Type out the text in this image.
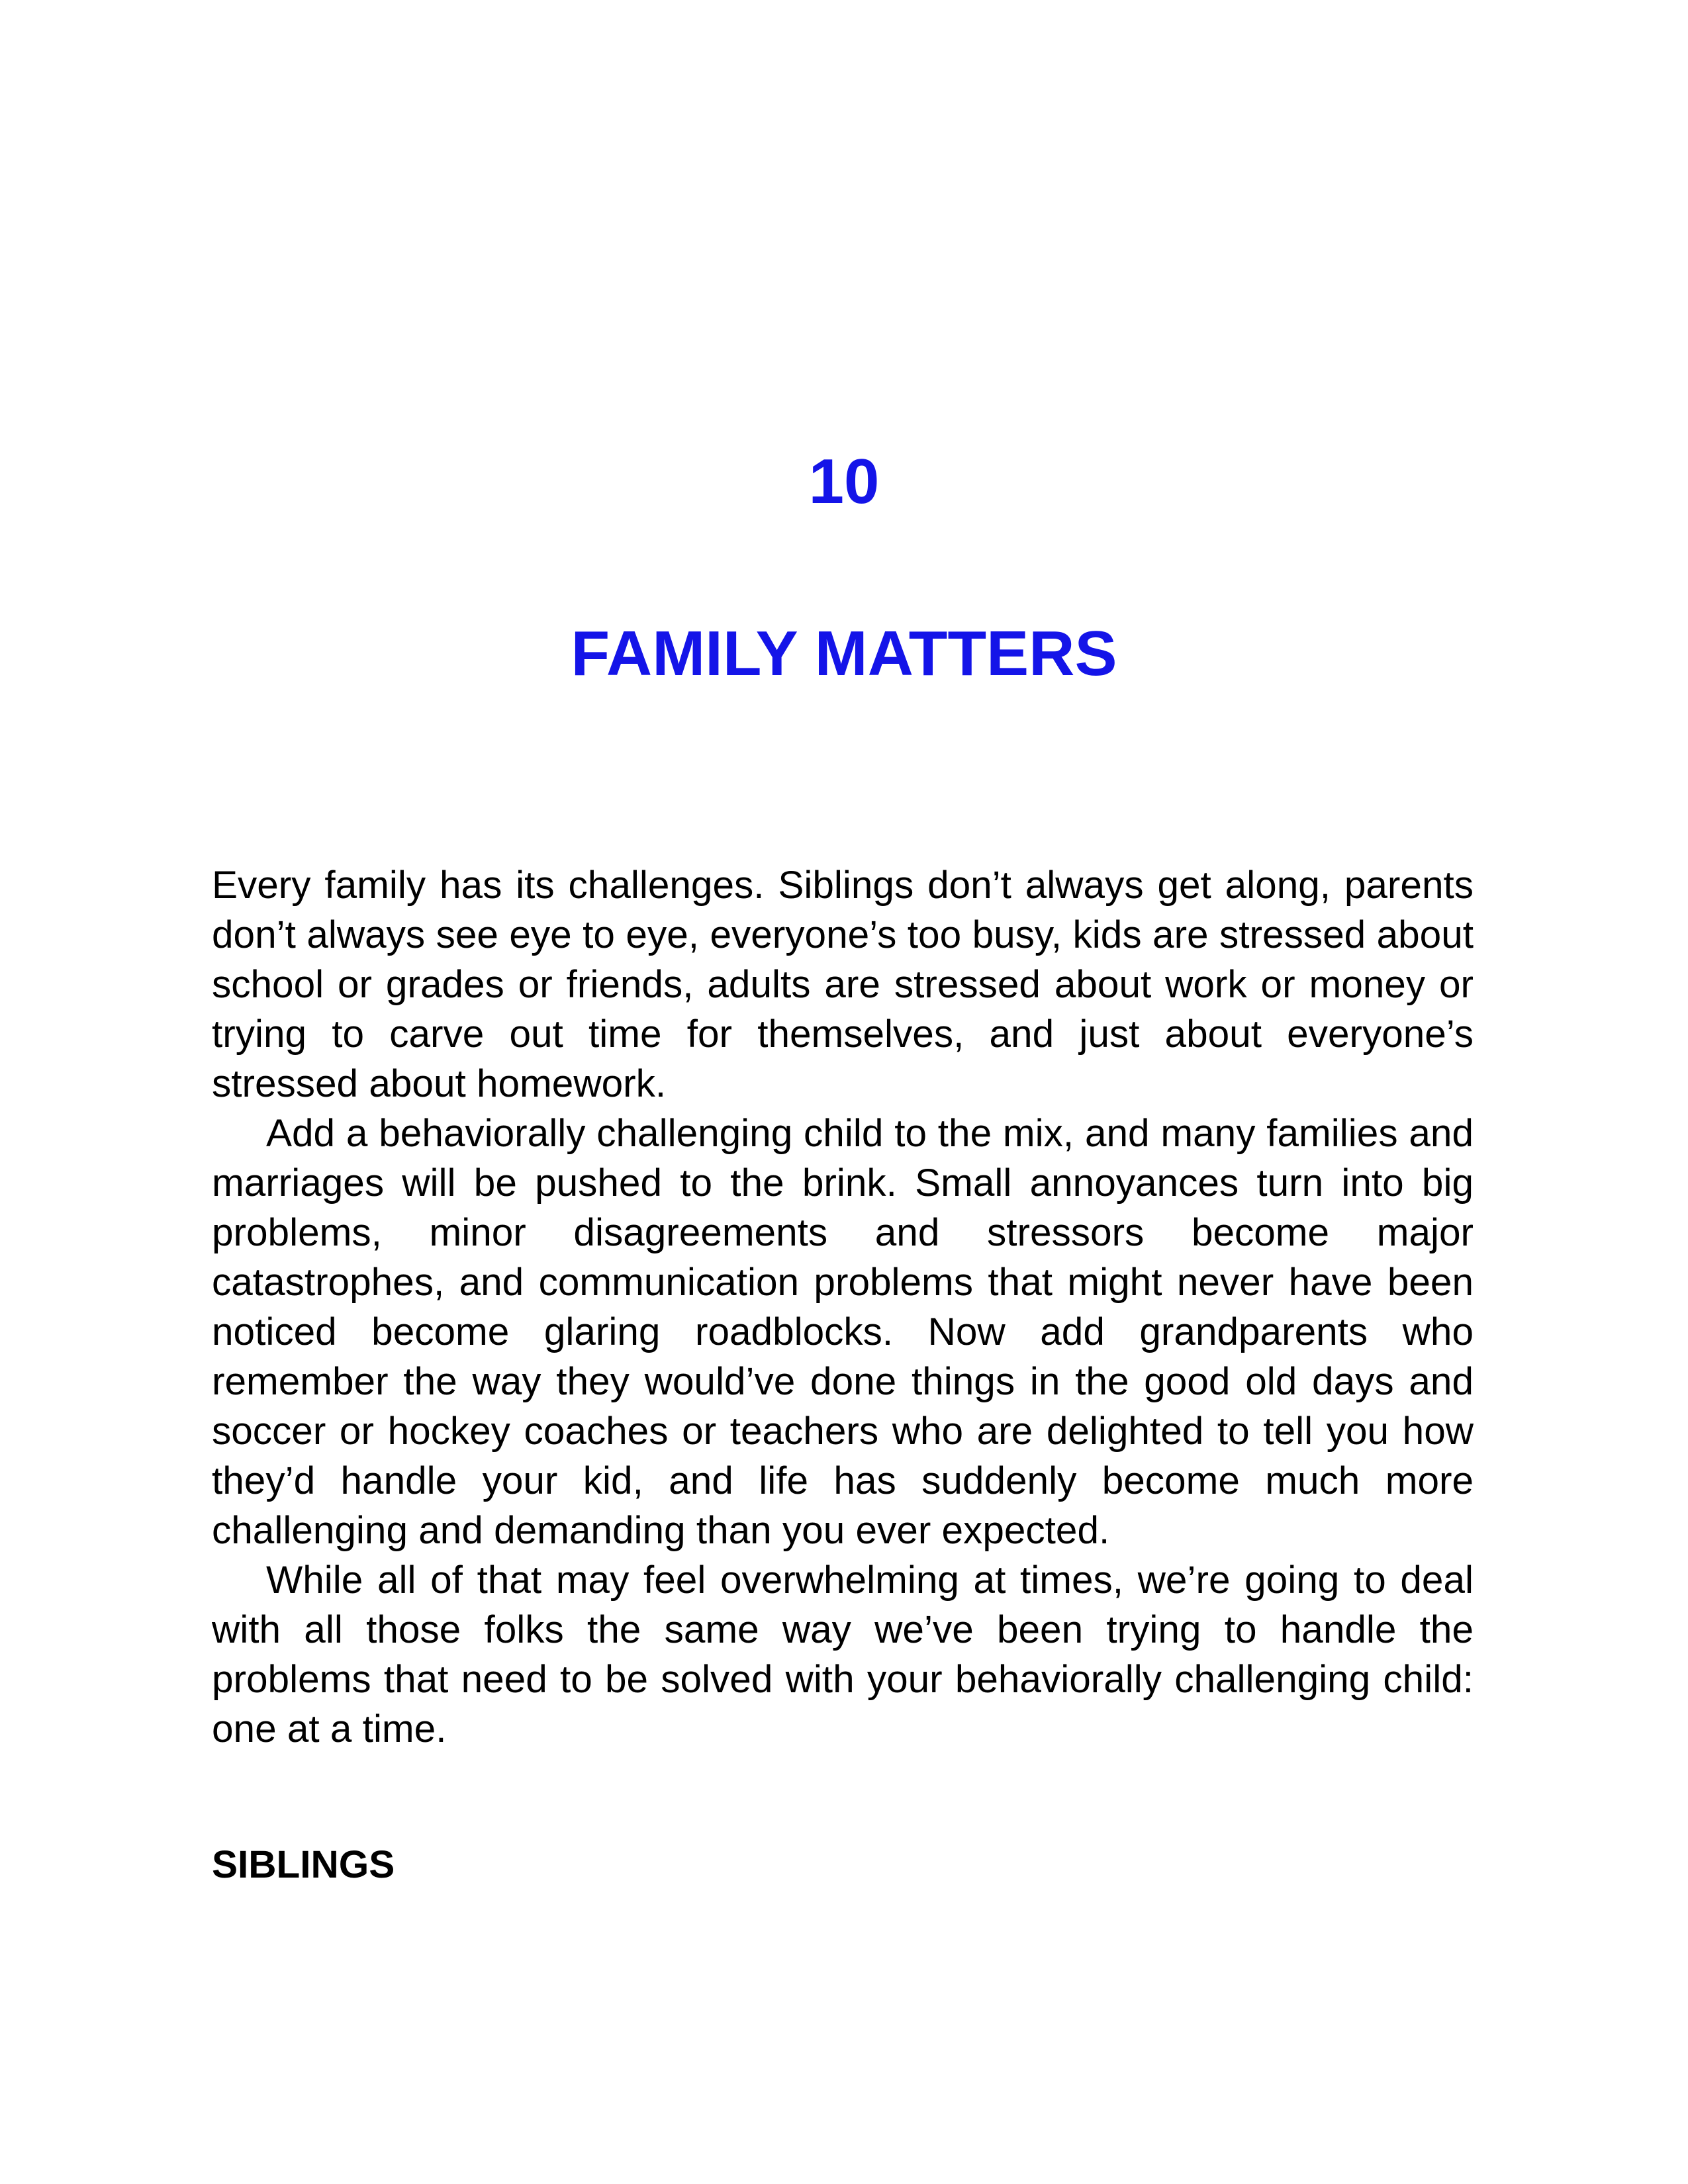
10
FAMILY MATTERS

Every family has its challenges. Siblings don’t always get along, parents don’t always see eye to eye, everyone’s too busy, kids are stressed about school or grades or friends, adults are stressed about work or money or trying to carve out time for themselves, and just about everyone’s stressed about homework.

Add a behaviorally challenging child to the mix, and many families and marriages will be pushed to the brink. Small annoyances turn into big problems, minor disagreements and stressors become major catastrophes, and communication problems that might never have been noticed become glaring roadblocks. Now add grandparents who remember the way they would’ve done things in the good old days and soccer or hockey coaches or teachers who are delighted to tell you how they’d handle your kid, and life has suddenly become much more challenging and demanding than you ever expected.

While all of that may feel overwhelming at times, we’re going to deal with all those folks the same way we’ve been trying to handle the problems that need to be solved with your behaviorally challenging child: one at a time.

SIBLINGS
